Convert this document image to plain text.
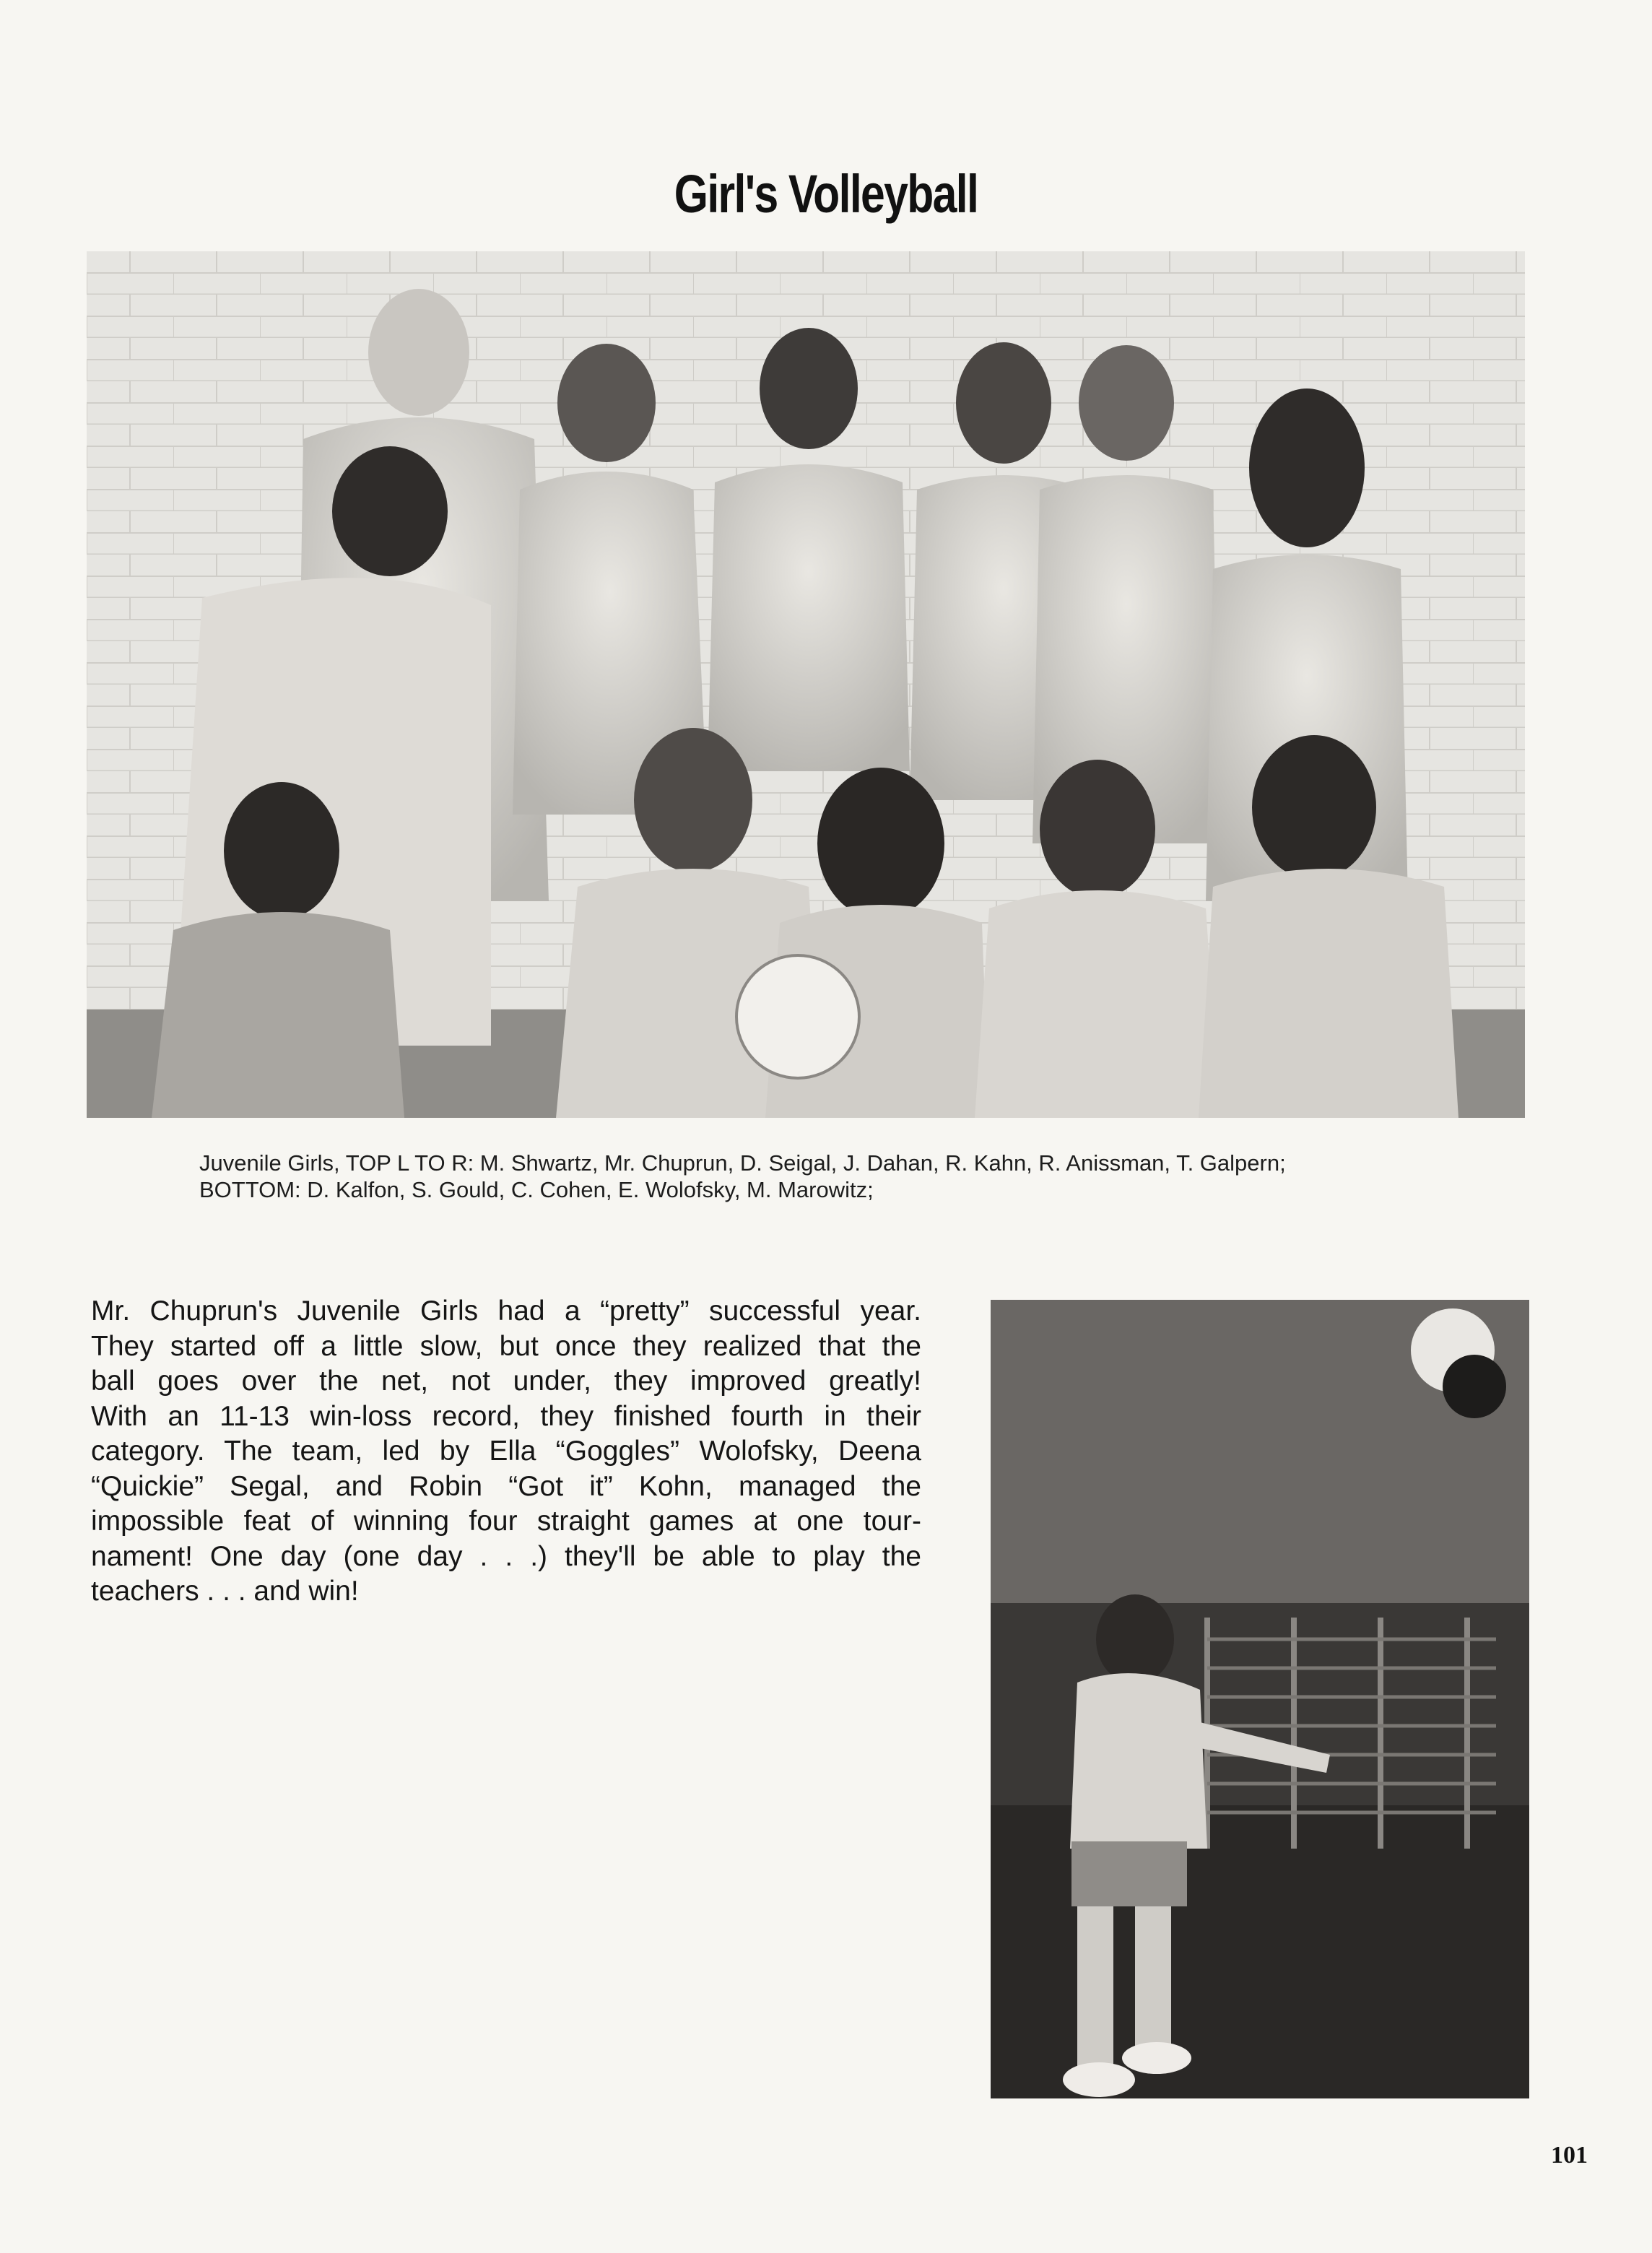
Girl's Volleyball
Juvenile Girls, TOP L TO R: M. Shwartz, Mr. Chuprun, D. Seigal, J. Dahan, R. Kahn, R. Anissman, T. Galpern;
BOTTOM: D. Kalfon, S. Gould, C. Cohen, E. Wolofsky, M. Marowitz;
Mr. Chuprun's Juvenile Girls had a “pretty” successful year.
They started off a little slow, but once they realized that the
ball goes over the net, not under, they improved greatly!
With an 11-13 win-loss record, they finished fourth in their
category. The team, led by Ella “Goggles” Wolofsky, Deena
“Quickie” Segal, and Robin “Got it” Kohn, managed the
impossible feat of winning four straight games at one tour-
nament! One day (one day . . .) they'll be able to play the
teachers . . . and win!
101
